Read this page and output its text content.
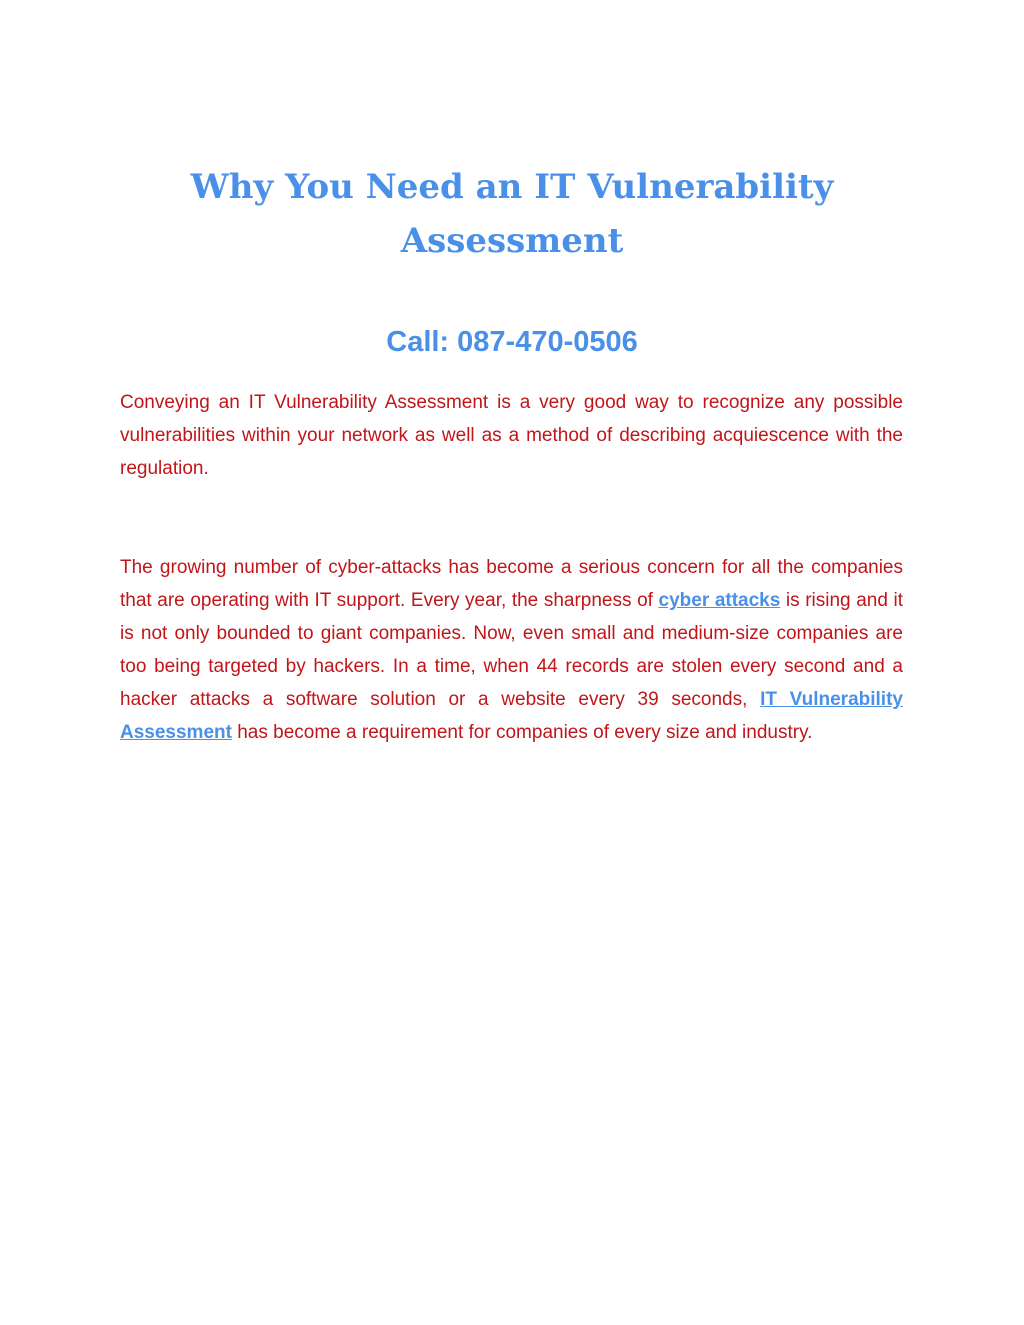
Why You Need an IT Vulnerability Assessment
Call: 087-470-0506

Conveying an IT Vulnerability Assessment is a very good way to recognize any possible vulnerabilities within your network as well as a method of describing acquiescence with the regulation.

The growing number of cyber-attacks has become a serious concern for all the companies that are operating with IT support. Every year, the sharpness of cyber attacks is rising and it is not only bounded to giant companies. Now, even small and medium-size companies are too being targeted by hackers. In a time, when 44 records are stolen every second and a hacker attacks a software solution or a website every 39 seconds, IT Vulnerability Assessment has become a requirement for companies of every size and industry.
